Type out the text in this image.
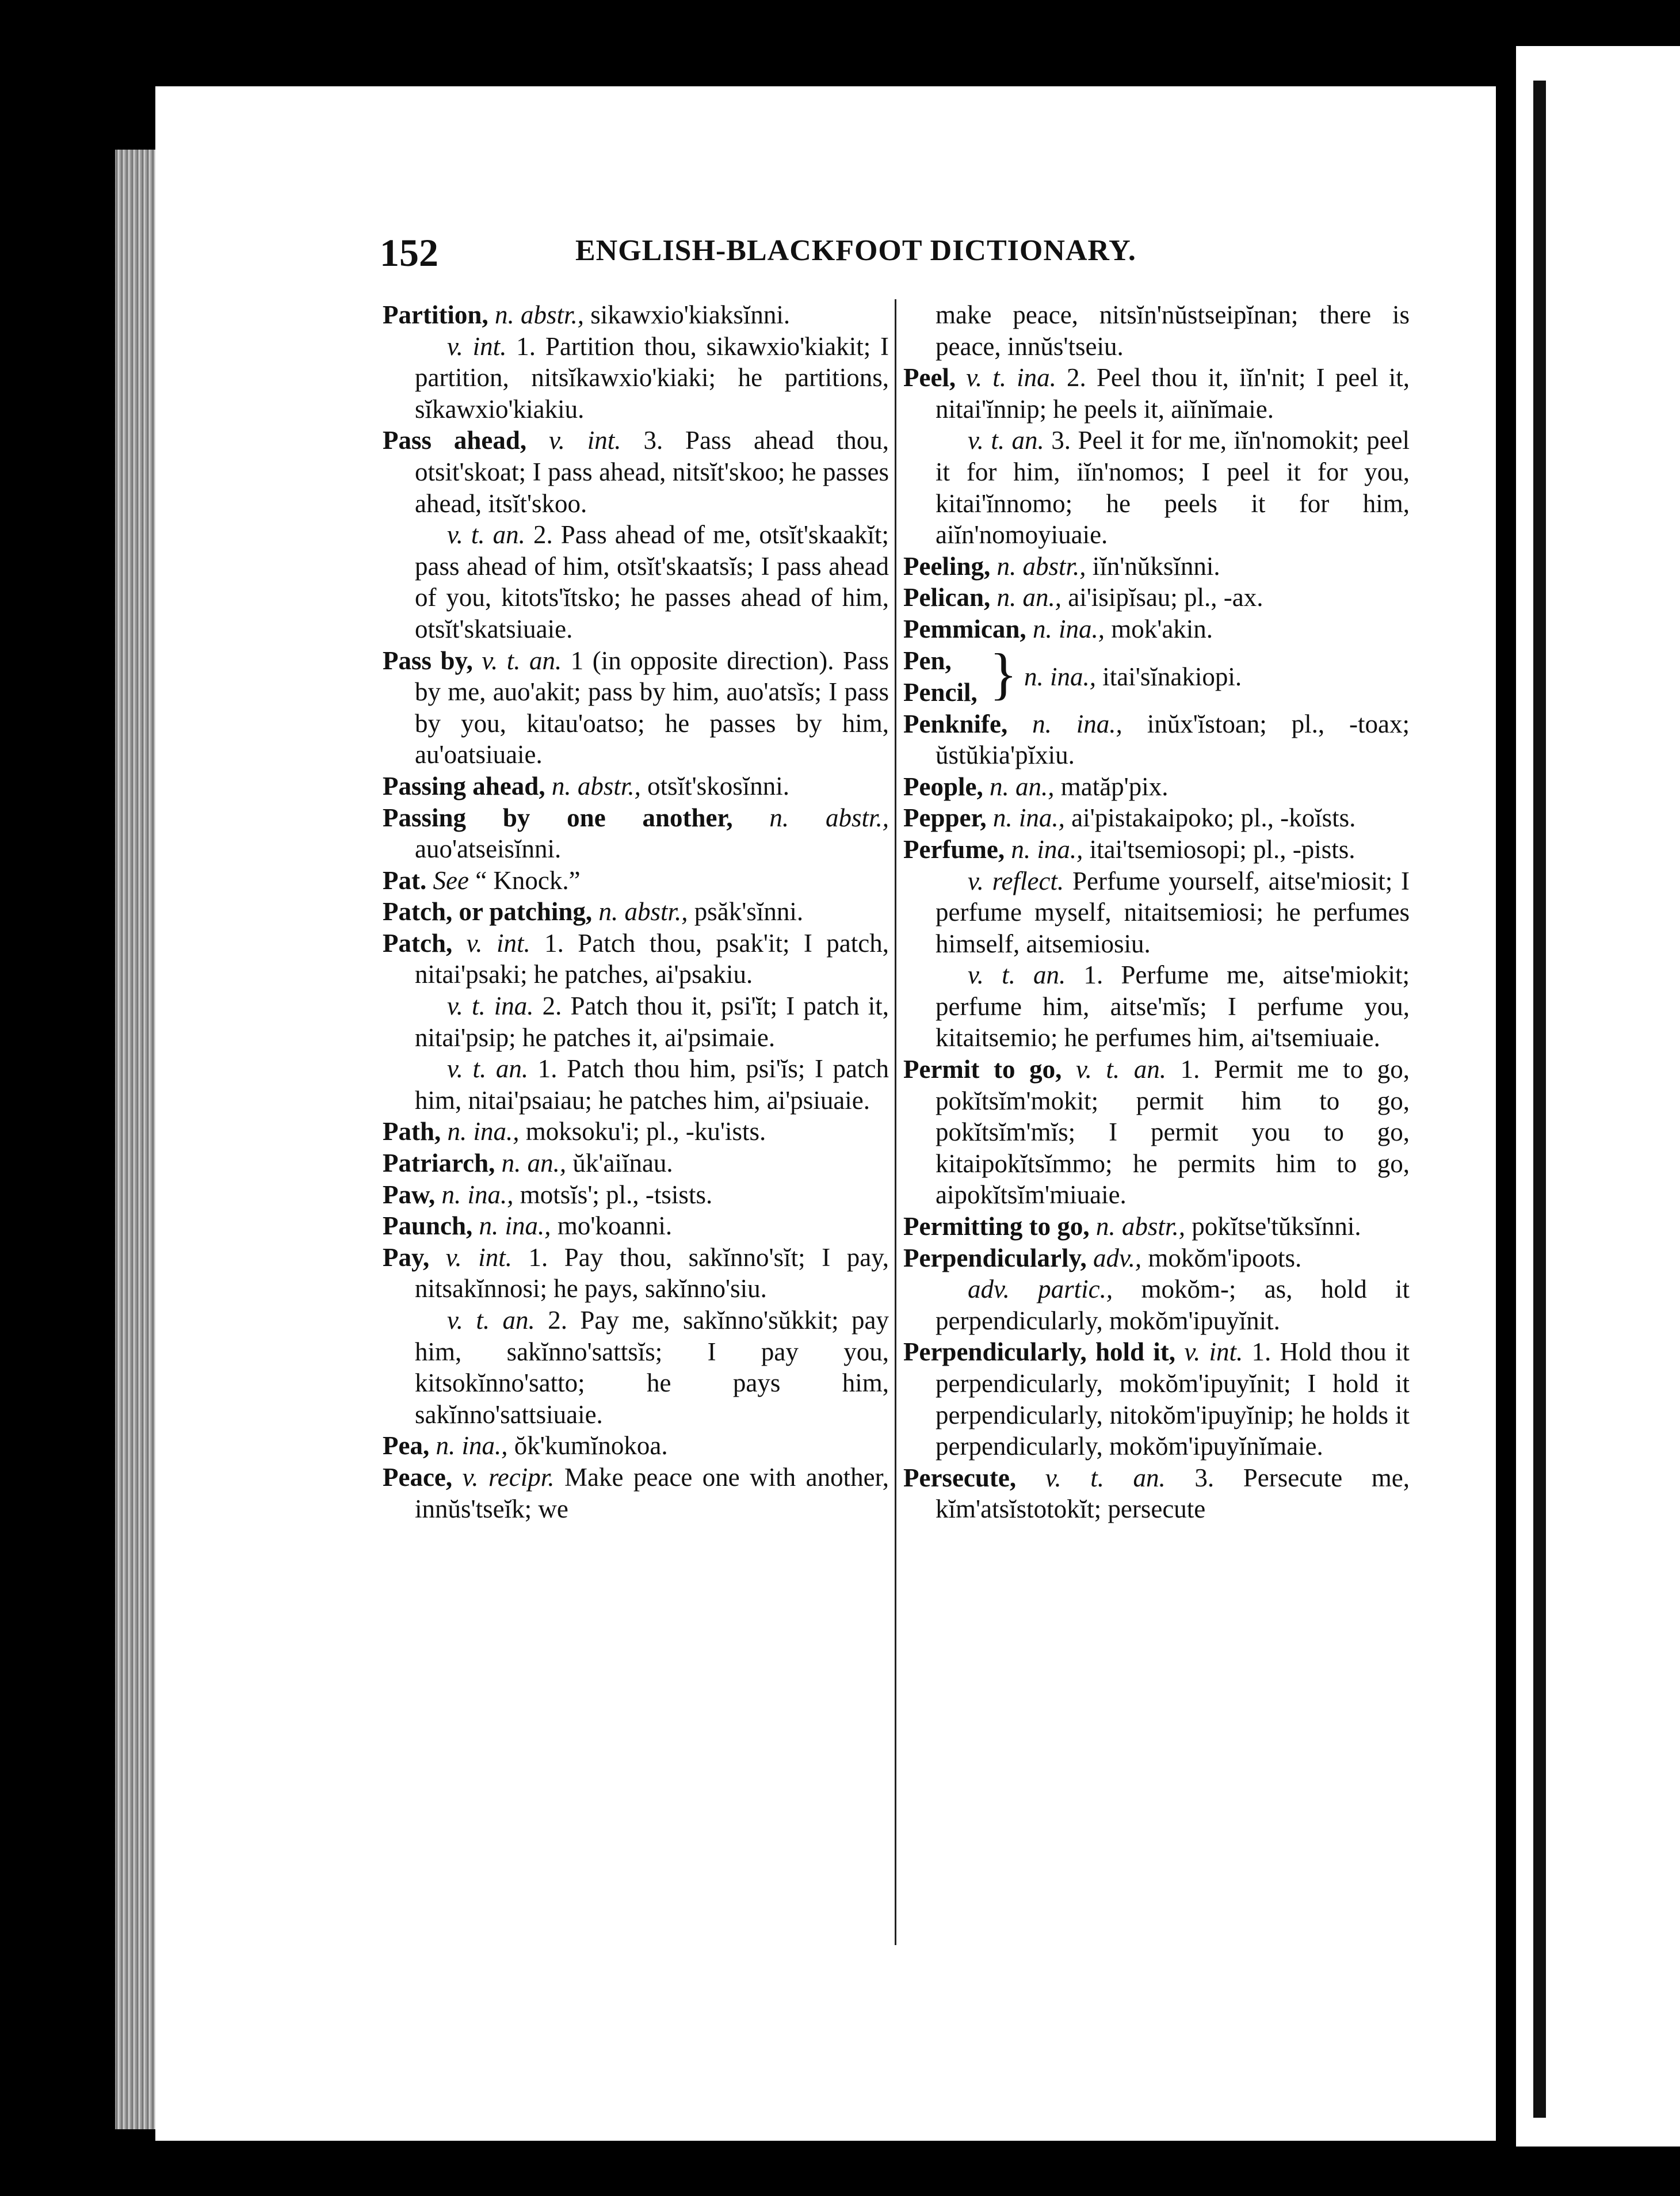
152	ENGLISH-BLACKFOOT DICTIONARY.

Partition, n. abstr., sikawxio'kiaksĭnni.

v. int. 1. Partition thou, sikawxio'kiakit; I partition, nitsĭkawxio'kiaki; he partitions, sĭkawxio'kiakiu.

Pass ahead, v. int. 3. Pass ahead thou, otsit'skoat; I pass ahead, nitsĭt'skoo; he passes ahead, itsĭt'skoo.

v. t. an. 2. Pass ahead of me, otsĭt'skaakĭt; pass ahead of him, otsĭt'skaatsĭs; I pass ahead of you, kitots'ĭtsko; he passes ahead of him, otsĭt'skatsiuaie.

Pass by, v. t. an. 1 (in opposite direction). Pass by me, auo'akit; pass by him, auo'atsĭs; I pass by you, kitau'oatso; he passes by him, au'oatsiuaie.

Passing ahead, n. abstr., otsĭt'skosĭnni.

Passing by one another, n. abstr., auo'atseisĭnni.

Pat. See “ Knock.”

Patch, or patching, n. abstr., psăk'sĭnni.

Patch, v. int. 1. Patch thou, psak'it; I patch, nitai'psaki; he patches, ai'psakiu.

v. t. ina. 2. Patch thou it, psi'ĭt; I patch it, nitai'psip; he patches it, ai'psimaie.

v. t. an. 1. Patch thou him, psi'ĭs; I patch him, nitai'psaiau; he patches him, ai'psiuaie.

Path, n. ina., moksoku'i; pl., -ku'ists.

Patriarch, n. an., ŭk'aiĭnau.

Paw, n. ina., motsĭs'; pl., -tsists.

Paunch, n. ina., mo'koanni.

Pay, v. int. 1. Pay thou, sakĭnno'sĭt; I pay, nitsakĭnnosi; he pays, sakĭnno'siu.

v. t. an. 2. Pay me, sakĭnno'sŭkkit; pay him, sakĭnno'sattsĭs; I pay you, kitsokĭnno'satto; he pays him, sakĭnno'sattsiuaie.

Pea, n. ina., ŏk'kumĭnokoa.

Peace, v. recipr. Make peace one with another, innŭs'tseĭk; we

make peace, nitsĭn'nŭstseipĭnan; there is peace, innŭs'tseiu.

Peel, v. t. ina. 2. Peel thou it, iĭn'nit; I peel it, nitai'ĭnnip; he peels it, aiĭnĭmaie.

v. t. an. 3. Peel it for me, iĭn'nomokit; peel it for him, iĭn'nomos; I peel it for you, kitai'ĭnnomo; he peels it for him, aiĭn'nomoyiuaie.

Peeling, n. abstr., iĭn'nŭksĭnni.

Pelican, n. an., ai'isipĭsau; pl., -ax.

Pemmican, n. ina., mok'akin.

Pen,
Pencil, } n. ina., itai'sĭnakiopi.

Penknife, n. ina., inŭx'ĭstoan; pl., -toax; ŭstŭkia'pĭxiu.

People, n. an., matăp'pix.

Pepper, n. ina., ai'pistakaipoko; pl., -koĭsts.

Perfume, n. ina., itai'tsemiosopi; pl., -pists.

v. reflect. Perfume yourself, aitse'miosit; I perfume myself, nitaitsemiosi; he perfumes himself, aitsemiosiu.

v. t. an. 1. Perfume me, aitse'miokit; perfume him, aitse'mĭs; I perfume you, kitaitsemio; he perfumes him, ai'tsemiuaie.

Permit to go, v. t. an. 1. Permit me to go, pokĭtsĭm'mokit; permit him to go, pokĭtsĭm'mĭs; I permit you to go, kitaipokĭtsĭmmo; he permits him to go, aipokĭtsĭm'miuaie.

Permitting to go, n. abstr., pokĭtse'tŭksĭnni.

Perpendicularly, adv., mokŏm'ipoots.

adv. partic., mokŏm-; as, hold it perpendicularly, mokŏm'ipuyĭnit.

Perpendicularly, hold it, v. int. 1. Hold thou it perpendicularly, mokŏm'ipuyĭnit; I hold it perpendicularly, nitokŏm'ipuyĭnip; he holds it perpendicularly, mokŏm'ipuyĭnĭmaie.

Persecute, v. t. an. 3. Persecute me, kĭm'atsĭstotokĭt; persecute
